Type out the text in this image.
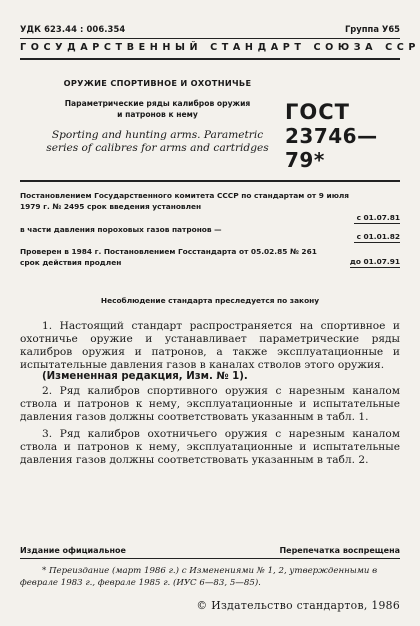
УДК 623.44 : 006.354	Группа У65
ГОСУДАРСТВЕННЫЙ СТАНДАРТ СОЮЗА ССР
ОРУЖИЕ СПОРТИВНОЕ И ОХОТНИЧЬЕ
Параметрические ряды калибров оружия
и патронов к нему
Sporting and hunting arms. Parametric
series of calibres for arms and cartridges
ГОСТ
23746—79*
Постановлением Государственного комитета СССР по стандартам от 9 июля
1979 г. № 2495 срок введения установлен
с 01.07.81
в части давления пороховых газов патронов —
с 01.01.82
Проверен в 1984 г. Постановлением Госстандарта от 05.02.85 № 261
срок действия продлен	до 01.07.91
Несоблюдение стандарта преследуется по закону

1. Настоящий стандарт распространяется на спортивное и охотничье оружие и устанавливает параметрические ряды калибров оружия и патронов, а также эксплуатационные и испытательные давления газов в каналах стволов этого оружия.

(Измененная редакция, Изм. № 1).

2. Ряд калибров спортивного оружия с нарезным каналом ствола и патронов к нему, эксплуатационные и испытательные давления газов должны соответствовать указанным в табл. 1.

3. Ряд калибров охотничьего оружия с нарезным каналом ствола и патронов к нему, эксплуатационные и испытательные давления газов должны соответствовать указанным в табл. 2.

Издание официальное	Перепечатка воспрещена

* Переиздание (март 1986 г.) с Изменениями № 1, 2, утвержденными в феврале 1983 г., феврале 1985 г. (ИУС 6—83, 5—85).

© Издательство стандартов, 1986
